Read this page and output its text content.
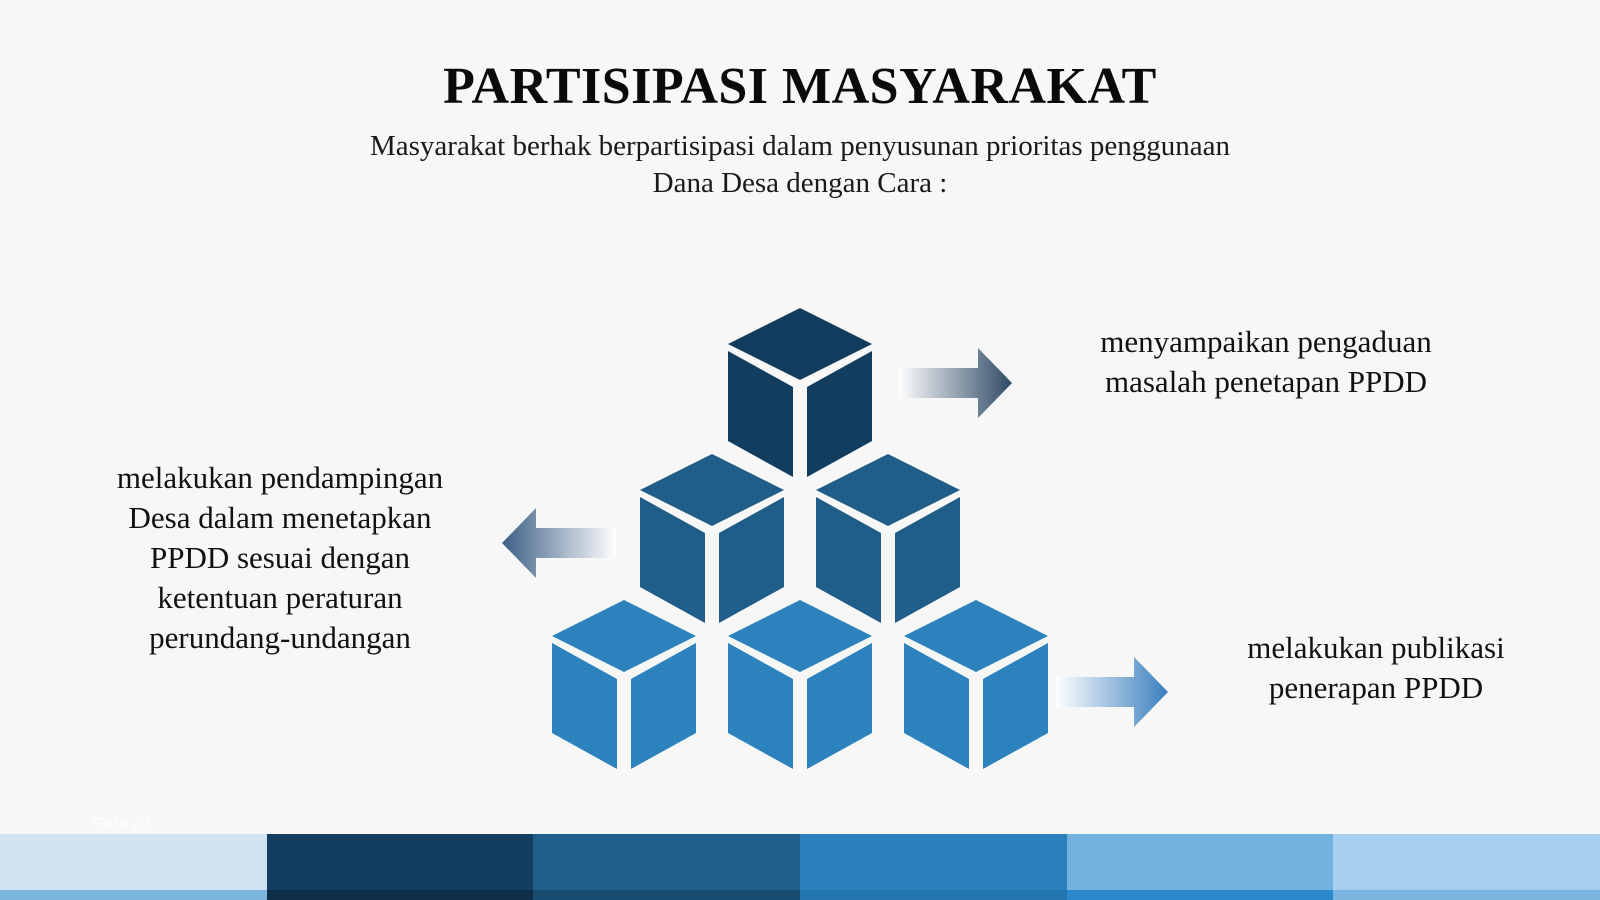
PARTISIPASI MASYARAKAT
Masyarakat berhak berpartisipasi dalam penyusunan prioritas penggunaan
Dana Desa dengan Cara :
menyampaikan pengaduan
masalah penetapan PPDD
melakukan pendampingan
Desa dalam menetapkan
PPDD sesuai dengan
ketentuan peraturan
perundang-undangan	melakukan publikasi
penerapan PPDD
Slide 20
